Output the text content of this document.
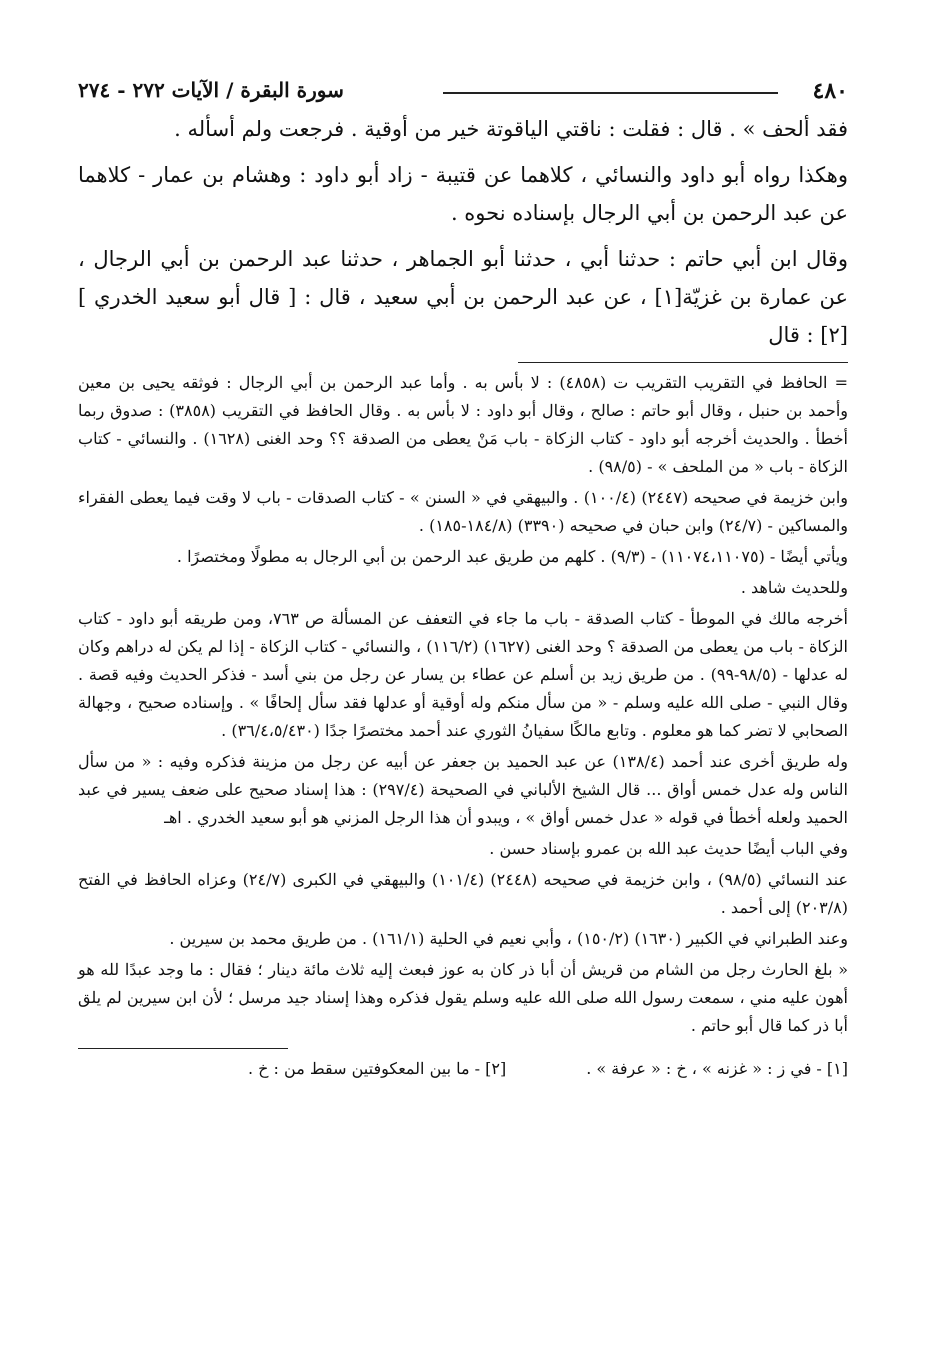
٤٨٠
سورة البقرة / الآيات ٢٧٢ - ٢٧٤

فقد ألحف » . قال : فقلت : ناقتي الياقوتة خير من أوقية . فرجعت ولم أسأله .

وهكذا رواه أبو داود والنسائي ، كلاهما عن قتيبة - زاد أبو داود : وهشام بن عمار - كلاهما عن عبد الرحمن بن أبي الرجال بإسناده نحوه .

وقال ابن أبي حاتم : حدثنا أبي ، حدثنا أبو الجماهر ، حدثنا عبد الرحمن بن أبي الرجال ، عن عمارة بن غزيّة[١] ، عن عبد الرحمن بن أبي سعيد ، قال : [ قال أبو سعيد الخدري ][٢] : قال

= الحافظ في التقريب التقريب ت (٤٨٥٨) : لا بأس به . وأما عبد الرحمن بن أبي الرجال : فوثقه يحيى بن معين وأحمد بن حنبل ، وقال أبو حاتم : صالح ، وقال أبو داود : لا بأس به . وقال الحافظ في التقريب (٣٨٥٨) : صدوق ربما أخطأ . والحديث أخرجه أبو داود - كتاب الزكاة - باب مَنْ يعطى من الصدقة ؟؟ وحد الغنى (١٦٢٨) . والنسائي - كتاب الزكاة - باب « من الملحف » - (٩٨/٥) .

وابن خزيمة في صحيحه (٢٤٤٧) (١٠٠/٤) . والبيهقي في « السنن » - كتاب الصدقات - باب لا وقت فيما يعطى الفقراء والمساكين - (٢٤/٧) وابن حبان في صحيحه (٣٣٩٠) (١٨٤/٨-١٨٥) .

ويأتي أيضًا - (١١٠٧٤،١١٠٧٥) - (٩/٣) . كلهم من طريق عبد الرحمن بن أبي الرجال به مطولًا ومختصرًا .

وللحديث شاهد .

أخرجه مالك في الموطأ - كتاب الصدقة - باب ما جاء في التعفف عن المسألة ص ٧٦٣، ومن طريقه أبو داود - كتاب الزكاة - باب من يعطى من الصدقة ؟ وحد الغنى (١٦٢٧) (١١٦/٢) ، والنسائي - كتاب الزكاة - إذا لم يكن له دراهم وكان له عدلها - (٩٨/٥-٩٩) . من طريق زيد بن أسلم عن عطاء بن يسار عن رجل من بني أسد - فذكر الحديث وفيه قصة . وقال النبي - صلى الله عليه وسلم - « من سأل منكم وله أوقية أو عدلها فقد سأل إلحافًا » . وإسناده صحيح ، وجهالة الصحابي لا تضر كما هو معلوم . وتابع مالكًا سفيانُ الثوري عند أحمد مختصرًا جدًا (٣٦/٤،٥/٤٣٠) .

وله طريق أخرى عند أحمد (١٣٨/٤) عن عبد الحميد بن جعفر عن أبيه عن رجل من مزينة فذكره وفيه : « من سأل الناس وله عدل خمس أواق ... قال الشيخ الألباني في الصحيحة (٢٩٧/٤) : هذا إسناد صحيح على ضعف يسير في عبد الحميد ولعله أخطأ في قوله « عدل خمس أواق » ، ويبدو أن هذا الرجل المزني هو أبو سعيد الخدري . اهـ

وفي الباب أيضًا حديث عبد الله بن عمرو بإسناد حسن .

عند النسائي (٩٨/٥) ، وابن خزيمة في صحيحه (٢٤٤٨) (١٠١/٤) والبيهقي في الكبرى (٢٤/٧) وعزاه الحافظ في الفتح (٢٠٣/٨) إلى أحمد .

وعند الطبراني في الكبير (١٦٣٠) (١٥٠/٢) ، وأبي نعيم في الحلية (١٦١/١) . من طريق محمد بن سيرين .

« بلغ الحارث رجل من الشام من قريش أن أبا ذر كان به عوز فبعث إليه ثلاث مائة دينار ؛ فقال : ما وجد عبدًا لله هو أهون عليه مني ، سمعت رسول الله صلى الله عليه وسلم يقول فذكره وهذا إسناد جيد مرسل ؛ لأن ابن سيرين لم يلق أبا ذر كما قال أبو حاتم .

[١] - في ز : « غزنه » ، خ : « عرفة » .
[٢] - ما بين المعكوفتين سقط من : خ .
